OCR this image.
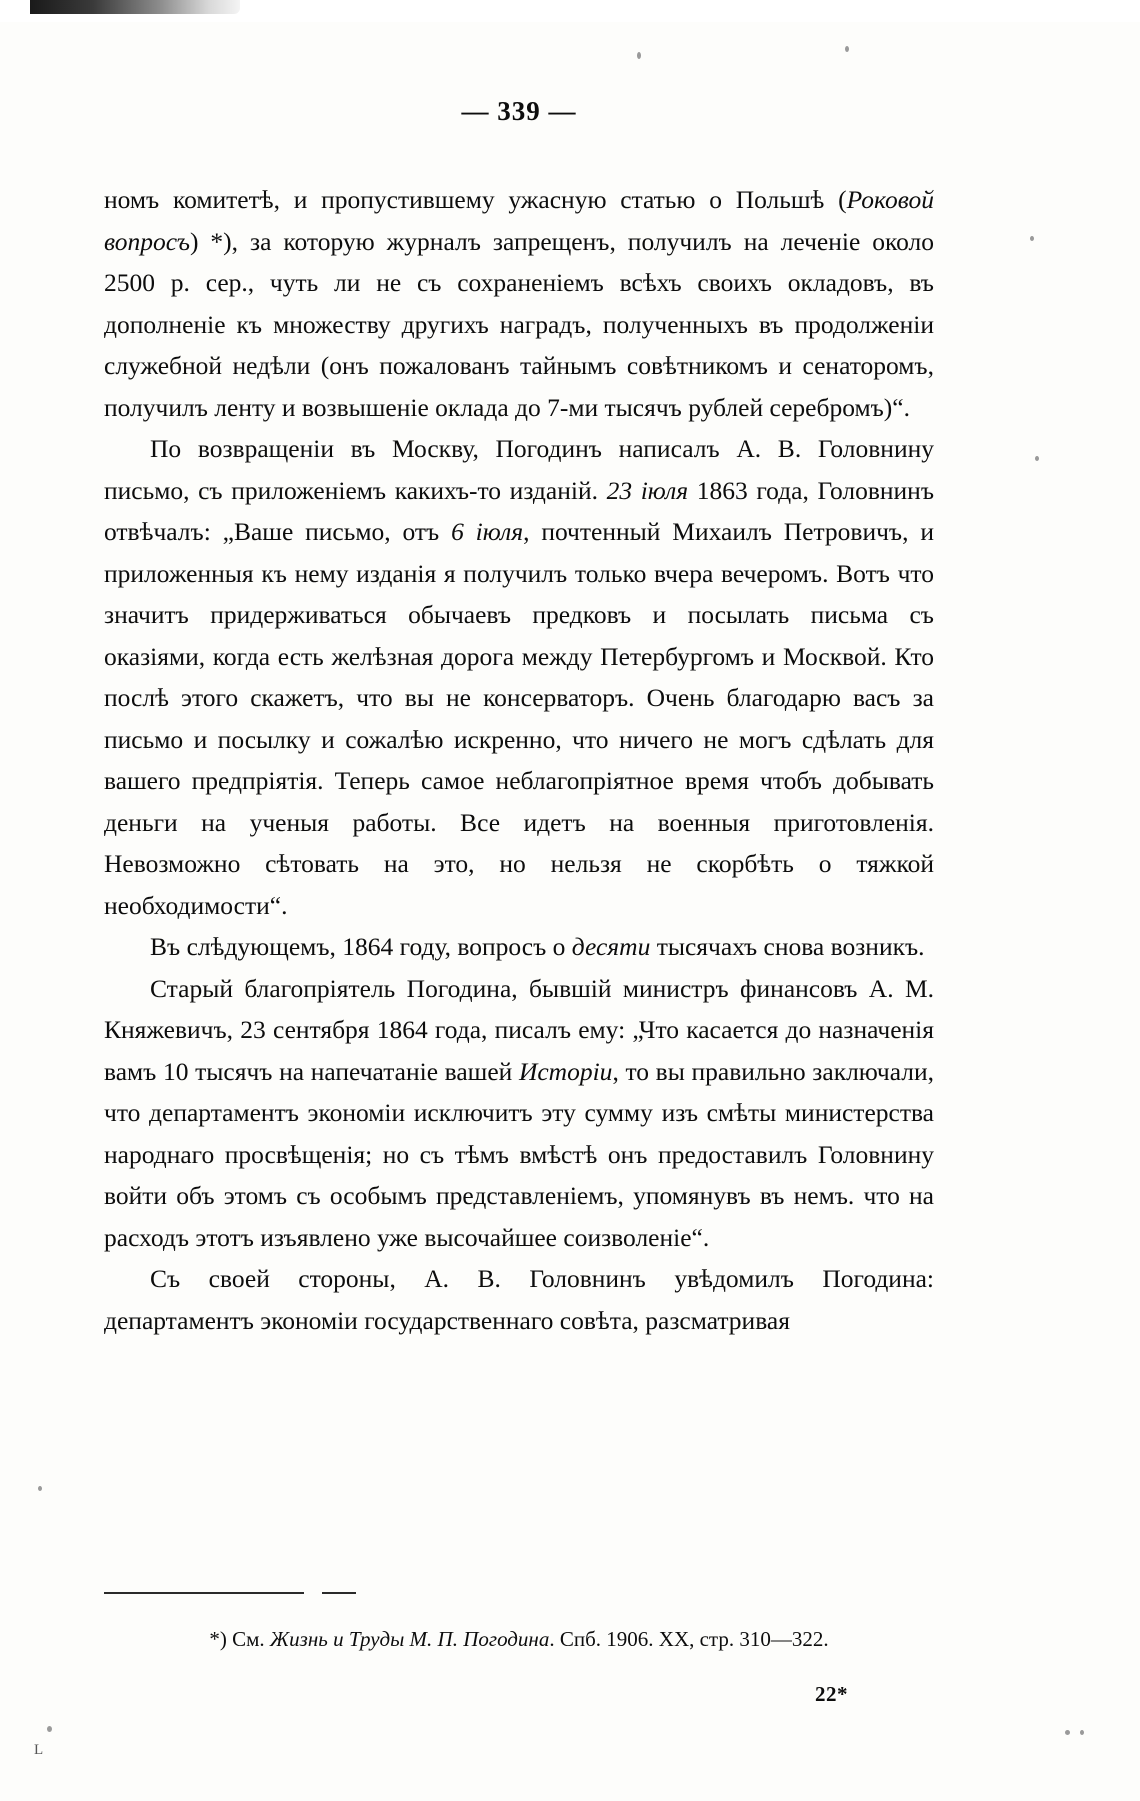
L
— 339 —

номъ комитетѣ, и пропустившему ужасную статью о Польшѣ (Роковой вопросъ) *), за которую журналъ запрещенъ, получилъ на леченіе около 2500 р. сер., чуть ли не съ сохраненіемъ всѣхъ своихъ окладовъ, въ дополненіе къ множеству другихъ наградъ, полученныхъ въ продолженіи служебной недѣли (онъ пожалованъ тайнымъ совѣтникомъ и сенаторомъ, получилъ ленту и возвышеніе оклада до 7-ми тысячъ рублей серебромъ)“.

По возвращеніи въ Москву, Погодинъ написалъ А. В. Головнину письмо, съ приложеніемъ какихъ-то изданій. 23 іюля 1863 года, Головнинъ отвѣчалъ: „Ваше письмо, отъ 6 іюля, почтенный Михаилъ Петровичъ, и приложенныя къ нему изданія я получилъ только вчера вечеромъ. Вотъ что значитъ придерживаться обычаевъ предковъ и посылать письма съ оказіями, когда есть желѣзная дорога между Петербургомъ и Москвой. Кто послѣ этого скажетъ, что вы не консерваторъ. Очень благодарю васъ за письмо и посылку и сожалѣю искренно, что ничего не могъ сдѣлать для вашего предпріятія. Теперь самое неблагопріятное время чтобъ добывать деньги на ученыя работы. Все идетъ на военныя приготовленія. Невозможно сѣтовать на это, но нельзя не скорбѣть о тяжкой необходимости“.

Въ слѣдующемъ, 1864 году, вопросъ о десяти тысячахъ снова возникъ.

Старый благопріятель Погодина, бывшій министръ финансовъ А. М. Княжевичъ, 23 сентября 1864 года, писалъ ему: „Что касается до назначенія вамъ 10 тысячъ на напечатаніе вашей Исторіи, то вы правильно заключали, что департаментъ экономіи исключитъ эту сумму изъ смѣты министерства народнаго просвѣщенія; но съ тѣмъ вмѣстѣ онъ предоставилъ Головнину войти объ этомъ съ особымъ представленіемъ, упомянувъ въ немъ. что на расходъ этотъ изъявлено уже высочайшее соизволеніе“.

Съ своей стороны, А. В. Головнинъ увѣдомилъ Погодина: департаментъ экономіи государственнаго совѣта, разсматривая

*) См. Жизнь и Труды М. П. Погодина. Спб. 1906. XX, стр. 310—322.
22*
